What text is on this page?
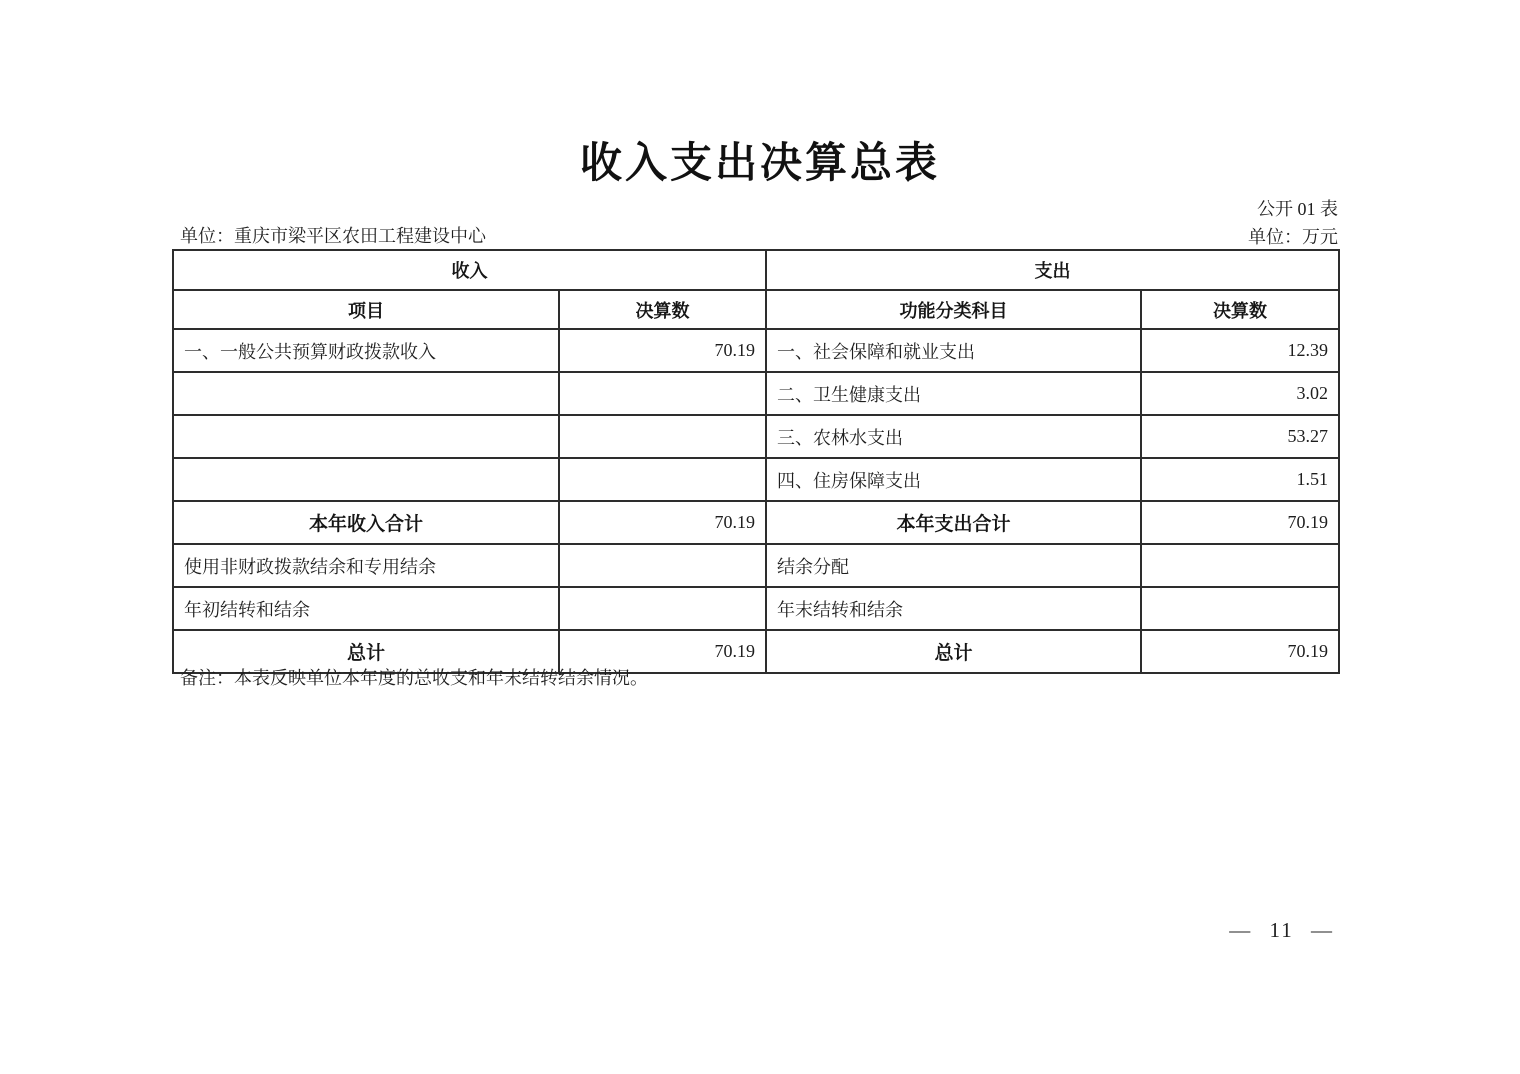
收入支出决算总表
公开 01 表
单位：重庆市梁平区农田工程建设中心	单位：万元
收入		支出	
项目	决算数	功能分类科目	决算数
一、一般公共预算财政拨款收入	70.19	一、社会保障和就业支出	12.39
		二、卫生健康支出	3.02
		三、农林水支出	53.27
		四、住房保障支出	1.51
本年收入合计	70.19	本年支出合计	70.19
使用非财政拨款结余和专用结余		结余分配	
年初结转和结余		年末结转和结余	
总计	70.19	总计	70.19
备注：本表反映单位本年度的总收支和年末结转结余情况。
— 11 —
